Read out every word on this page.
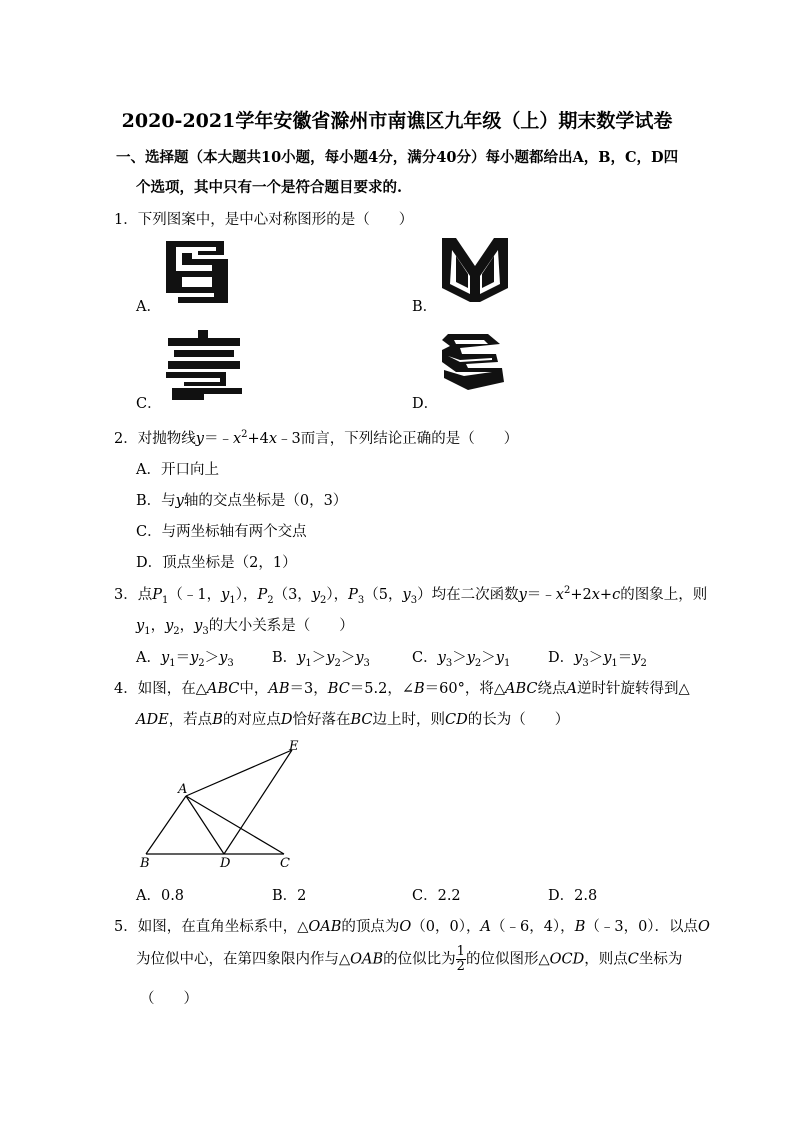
2020-2021学年安徽省滁州市南谯区九年级（上）期末数学试卷
一、选择题（本大题共10小题，每小题4分，满分40分）每小题都给出A，B，C，D四
个选项，其中只有一个是符合题目要求的.
1．下列图案中，是中心对称图形的是（　　）
A．	B．
C．	D．
2．对抛物线$y=﹣x^2+4x﹣3$而言，下列结论正确的是（　　）
A．开口向上
B．与y轴的交点坐标是（0，3）
C．与两坐标轴有两个交点
D．顶点坐标是（2，1）
3．点$P_1(﹣1$，$y_1$），$P_2(3$，$y_2$），$P_3(5$，$y_3$）均在二次函数$y=﹣x^2+2x+c$的图象上，则
$y_1$，$y_2$，$y_3$的大小关系是（　　）
A．$y_1=y_2>y_3$	B．$y_1>y_2>y_3$	C．$y_3>y_2>y_1$	D．$y_3>y_1=y_2$
4．如图，在△ABC中，AB＝3，BC＝5.2，∠B＝60°，将△ABC绕点A逆时针旋转得到△
ADE，若点B的对应点D恰好落在BC边上时，则CD的长为（　　）
A
B	C
D
E
A．0.8	B．2	C．2.2	D．2.8
5．如图，在直角坐标系中，△OAB的顶点为O（0，0），A（﹣6，4），B（﹣3，0）．以点O
为位似中心，在第四象限内作与△OAB的位似比为 $\frac{1}{2}$ 的位似图形△OCD，则点C坐标为
（　　）
